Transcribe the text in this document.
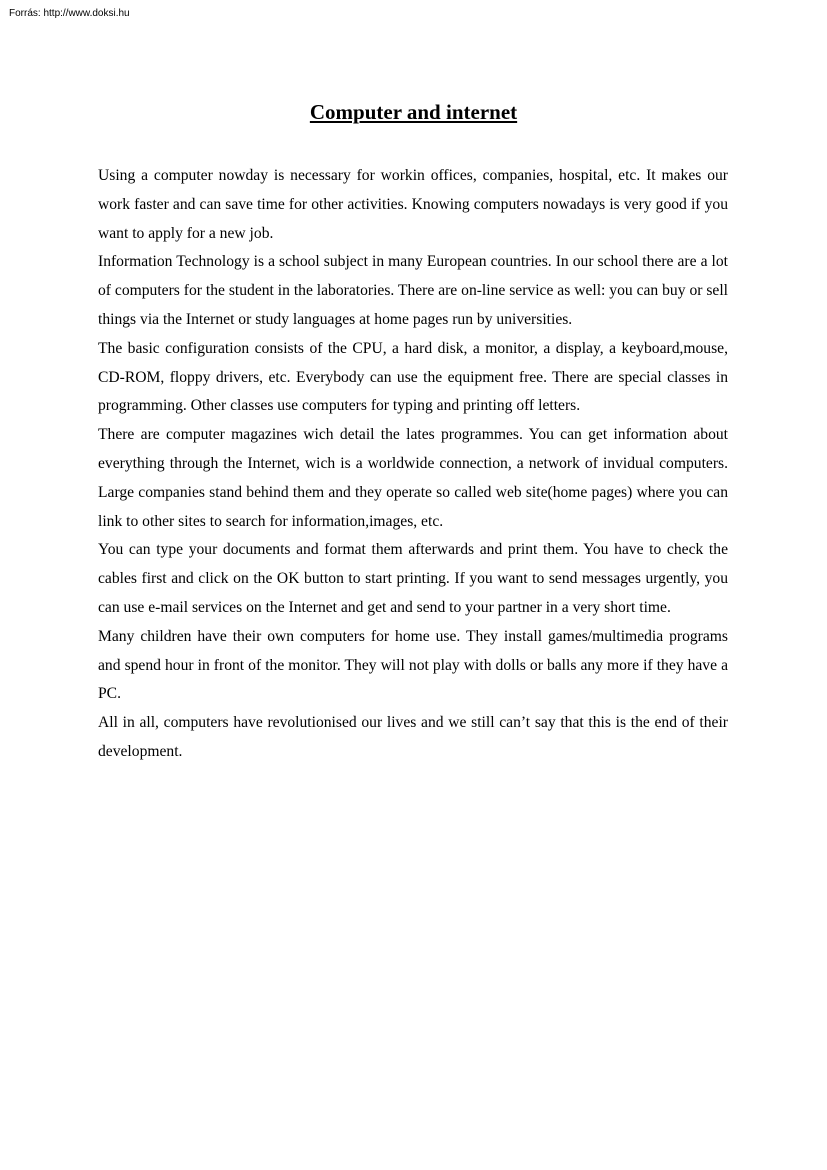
Forrás: http://www.doksi.hu
Computer and internet

Using a computer nowday is necessary for workin offices, companies, hospital, etc. It makes our work faster and can save time for other activities. Knowing computers nowadays is very good if you want to apply for a new job.

Information Technology is a school subject in many European countries. In our school there are a lot of computers for the student in the laboratories. There are on-line service as well: you can buy or sell things via the Internet or study languages at home pages run by universities.

The basic configuration consists of the CPU, a hard disk, a monitor, a display, a keyboard,mouse, CD-ROM, floppy drivers, etc. Everybody can use the equipment free. There are special classes in programming. Other classes use computers for typing and printing off letters.

There are computer magazines wich detail the lates programmes. You can get information about everything through the Internet, wich is a worldwide connection, a network of invidual computers. Large companies stand behind them and they operate so called web site(home pages) where you can link to other sites to search for information,images, etc.

You can type your documents and format them afterwards and print them. You have to check the cables first and click on the OK button to start printing. If you want to send messages urgently, you can use e-mail services on the Internet and get and send to your partner in a very short time.

Many children have their own computers for home use. They install games/multimedia programs and spend hour in front of the monitor. They will not play with dolls or balls any more if they have a PC.

All in all, computers have revolutionised our lives and we still can’t say that this is the end of their development.
